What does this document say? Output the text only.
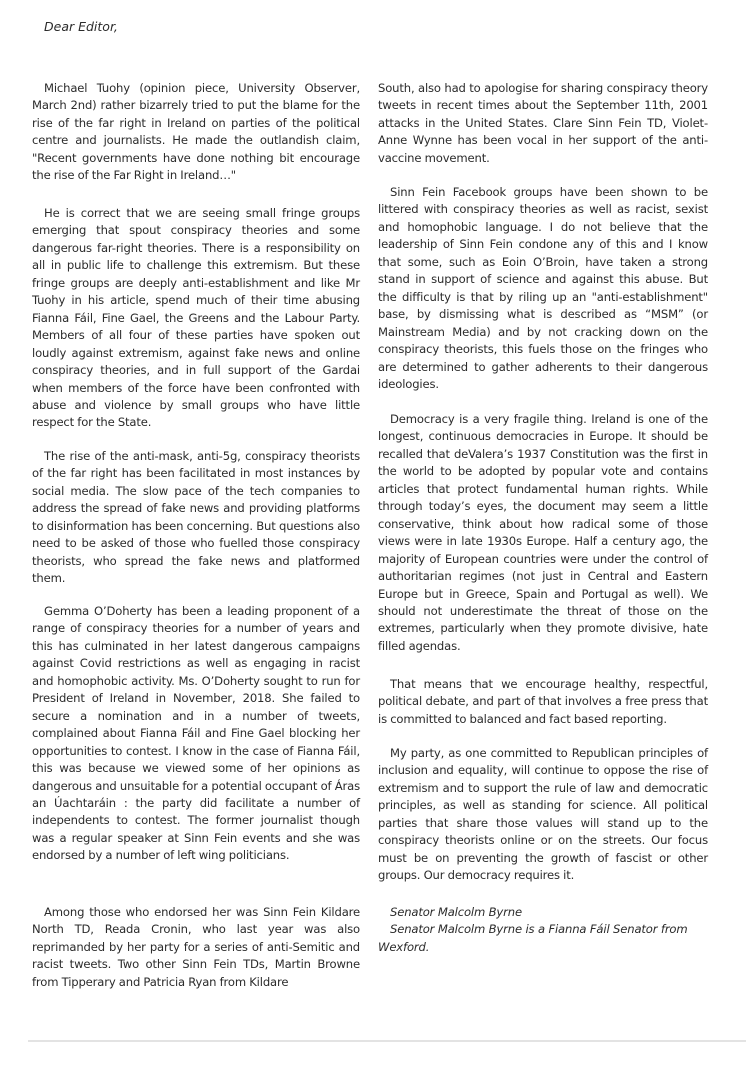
Dear Editor,

Michael Tuohy (opinion piece, University Observer, March 2nd) rather bizarrely tried to put the blame for the rise of the far right in Ireland on parties of the political centre and journalists. He made the outlandish claim, "Recent governments have done nothing bit encourage the rise of the Far Right in Ireland…"

He is correct that we are seeing small fringe groups emerging that spout conspiracy theories and some dangerous far-right theories. There is a responsibility on all in public life to challenge this extremism. But these fringe groups are deeply anti-establishment and like Mr Tuohy in his article, spend much of their time abusing Fianna Fáil, Fine Gael, the Greens and the Labour Party. Members of all four of these parties have spoken out loudly against extremism, against fake news and online conspiracy theories, and in full support of the Gardai when members of the force have been confronted with abuse and violence by small groups who have little respect for the State.

The rise of the anti-mask, anti-5g, conspiracy theorists of the far right has been facilitated in most instances by social media. The slow pace of the tech companies to address the spread of fake news and providing platforms to disinformation has been concerning. But questions also need to be asked of those who fuelled those conspiracy theorists, who spread the fake news and platformed them.

Gemma O’Doherty has been a leading proponent of a range of conspiracy theories for a number of years and this has culminated in her latest dangerous campaigns against Covid restrictions as well as engaging in racist and homophobic activity. Ms. O’Doherty sought to run for President of Ireland in November, 2018. She failed to secure a nomination and in a number of tweets, complained about Fianna Fáil and Fine Gael blocking her opportunities to contest. I know in the case of Fianna Fáil, this was because we viewed some of her opinions as dangerous and unsuitable for a potential occupant of Áras an Úachtaráin : the party did facilitate a number of independents to contest. The former journalist though was a regular speaker at Sinn Fein events and she was endorsed by a number of left wing politicians.

Among those who endorsed her was Sinn Fein Kildare North TD, Reada Cronin, who last year was also reprimanded by her party for a series of anti-Semitic and racist tweets. Two other Sinn Fein TDs, Martin Browne from Tipperary and Patricia Ryan from Kildare

South, also had to apologise for sharing conspiracy theory tweets in recent times about the September 11th, 2001 attacks in the United States. Clare Sinn Fein TD, Violet-Anne Wynne has been vocal in her support of the anti-vaccine movement.

Sinn Fein Facebook groups have been shown to be littered with conspiracy theories as well as racist, sexist and homophobic language. I do not believe that the leadership of Sinn Fein condone any of this and I know that some, such as Eoin O’Broin, have taken a strong stand in support of science and against this abuse. But the difficulty is that by riling up an "anti-establishment" base, by dismissing what is described as “MSM” (or Mainstream Media) and by not cracking down on the conspiracy theorists, this fuels those on the fringes who are determined to gather adherents to their dangerous ideologies.

Democracy is a very fragile thing. Ireland is one of the longest, continuous democracies in Europe. It should be recalled that deValera’s 1937 Constitution was the first in the world to be adopted by popular vote and contains articles that protect fundamental human rights. While through today’s eyes, the document may seem a little conservative, think about how radical some of those views were in late 1930s Europe. Half a century ago, the majority of European countries were under the control of authoritarian regimes (not just in Central and Eastern Europe but in Greece, Spain and Portugal as well). We should not underestimate the threat of those on the extremes, particularly when they promote divisive, hate filled agendas.

That means that we encourage healthy, respectful, political debate, and part of that involves a free press that is committed to balanced and fact based reporting.

My party, as one committed to Republican principles of inclusion and equality, will continue to oppose the rise of extremism and to support the rule of law and democratic principles, as well as standing for science. All political parties that share those values will stand up to the conspiracy theorists online or on the streets. Our focus must be on preventing the growth of fascist or other groups. Our democracy requires it.

Senator Malcolm Byrne
Senator Malcolm Byrne is a Fianna Fáil Senator from Wexford.
